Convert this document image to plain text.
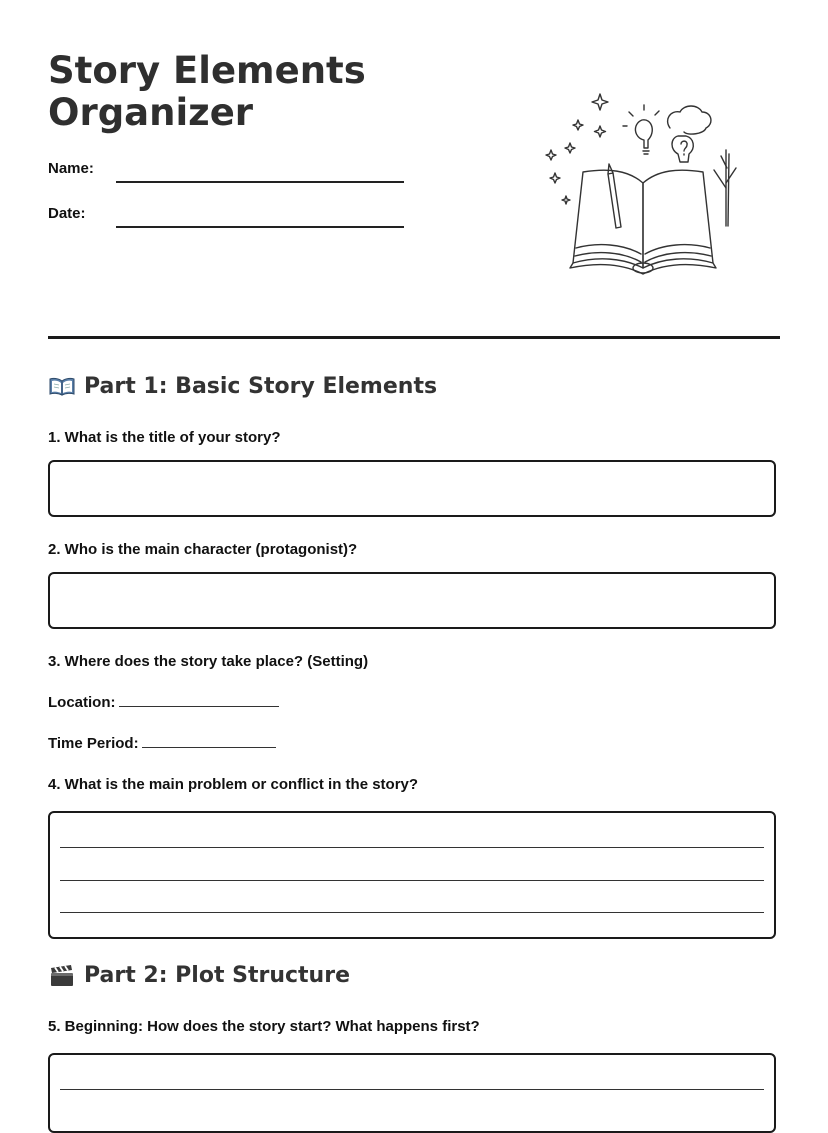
Story Elements Organizer
Name:
Date:
Part 1: Basic Story Elements

1. What is the title of your story?

2. Who is the main character (protagonist)?

3. Where does the story take place? (Setting)

Location:
Time Period:

4. What is the main problem or conflict in the story?

Part 2: Plot Structure

5. Beginning: How does the story start? What happens first?
